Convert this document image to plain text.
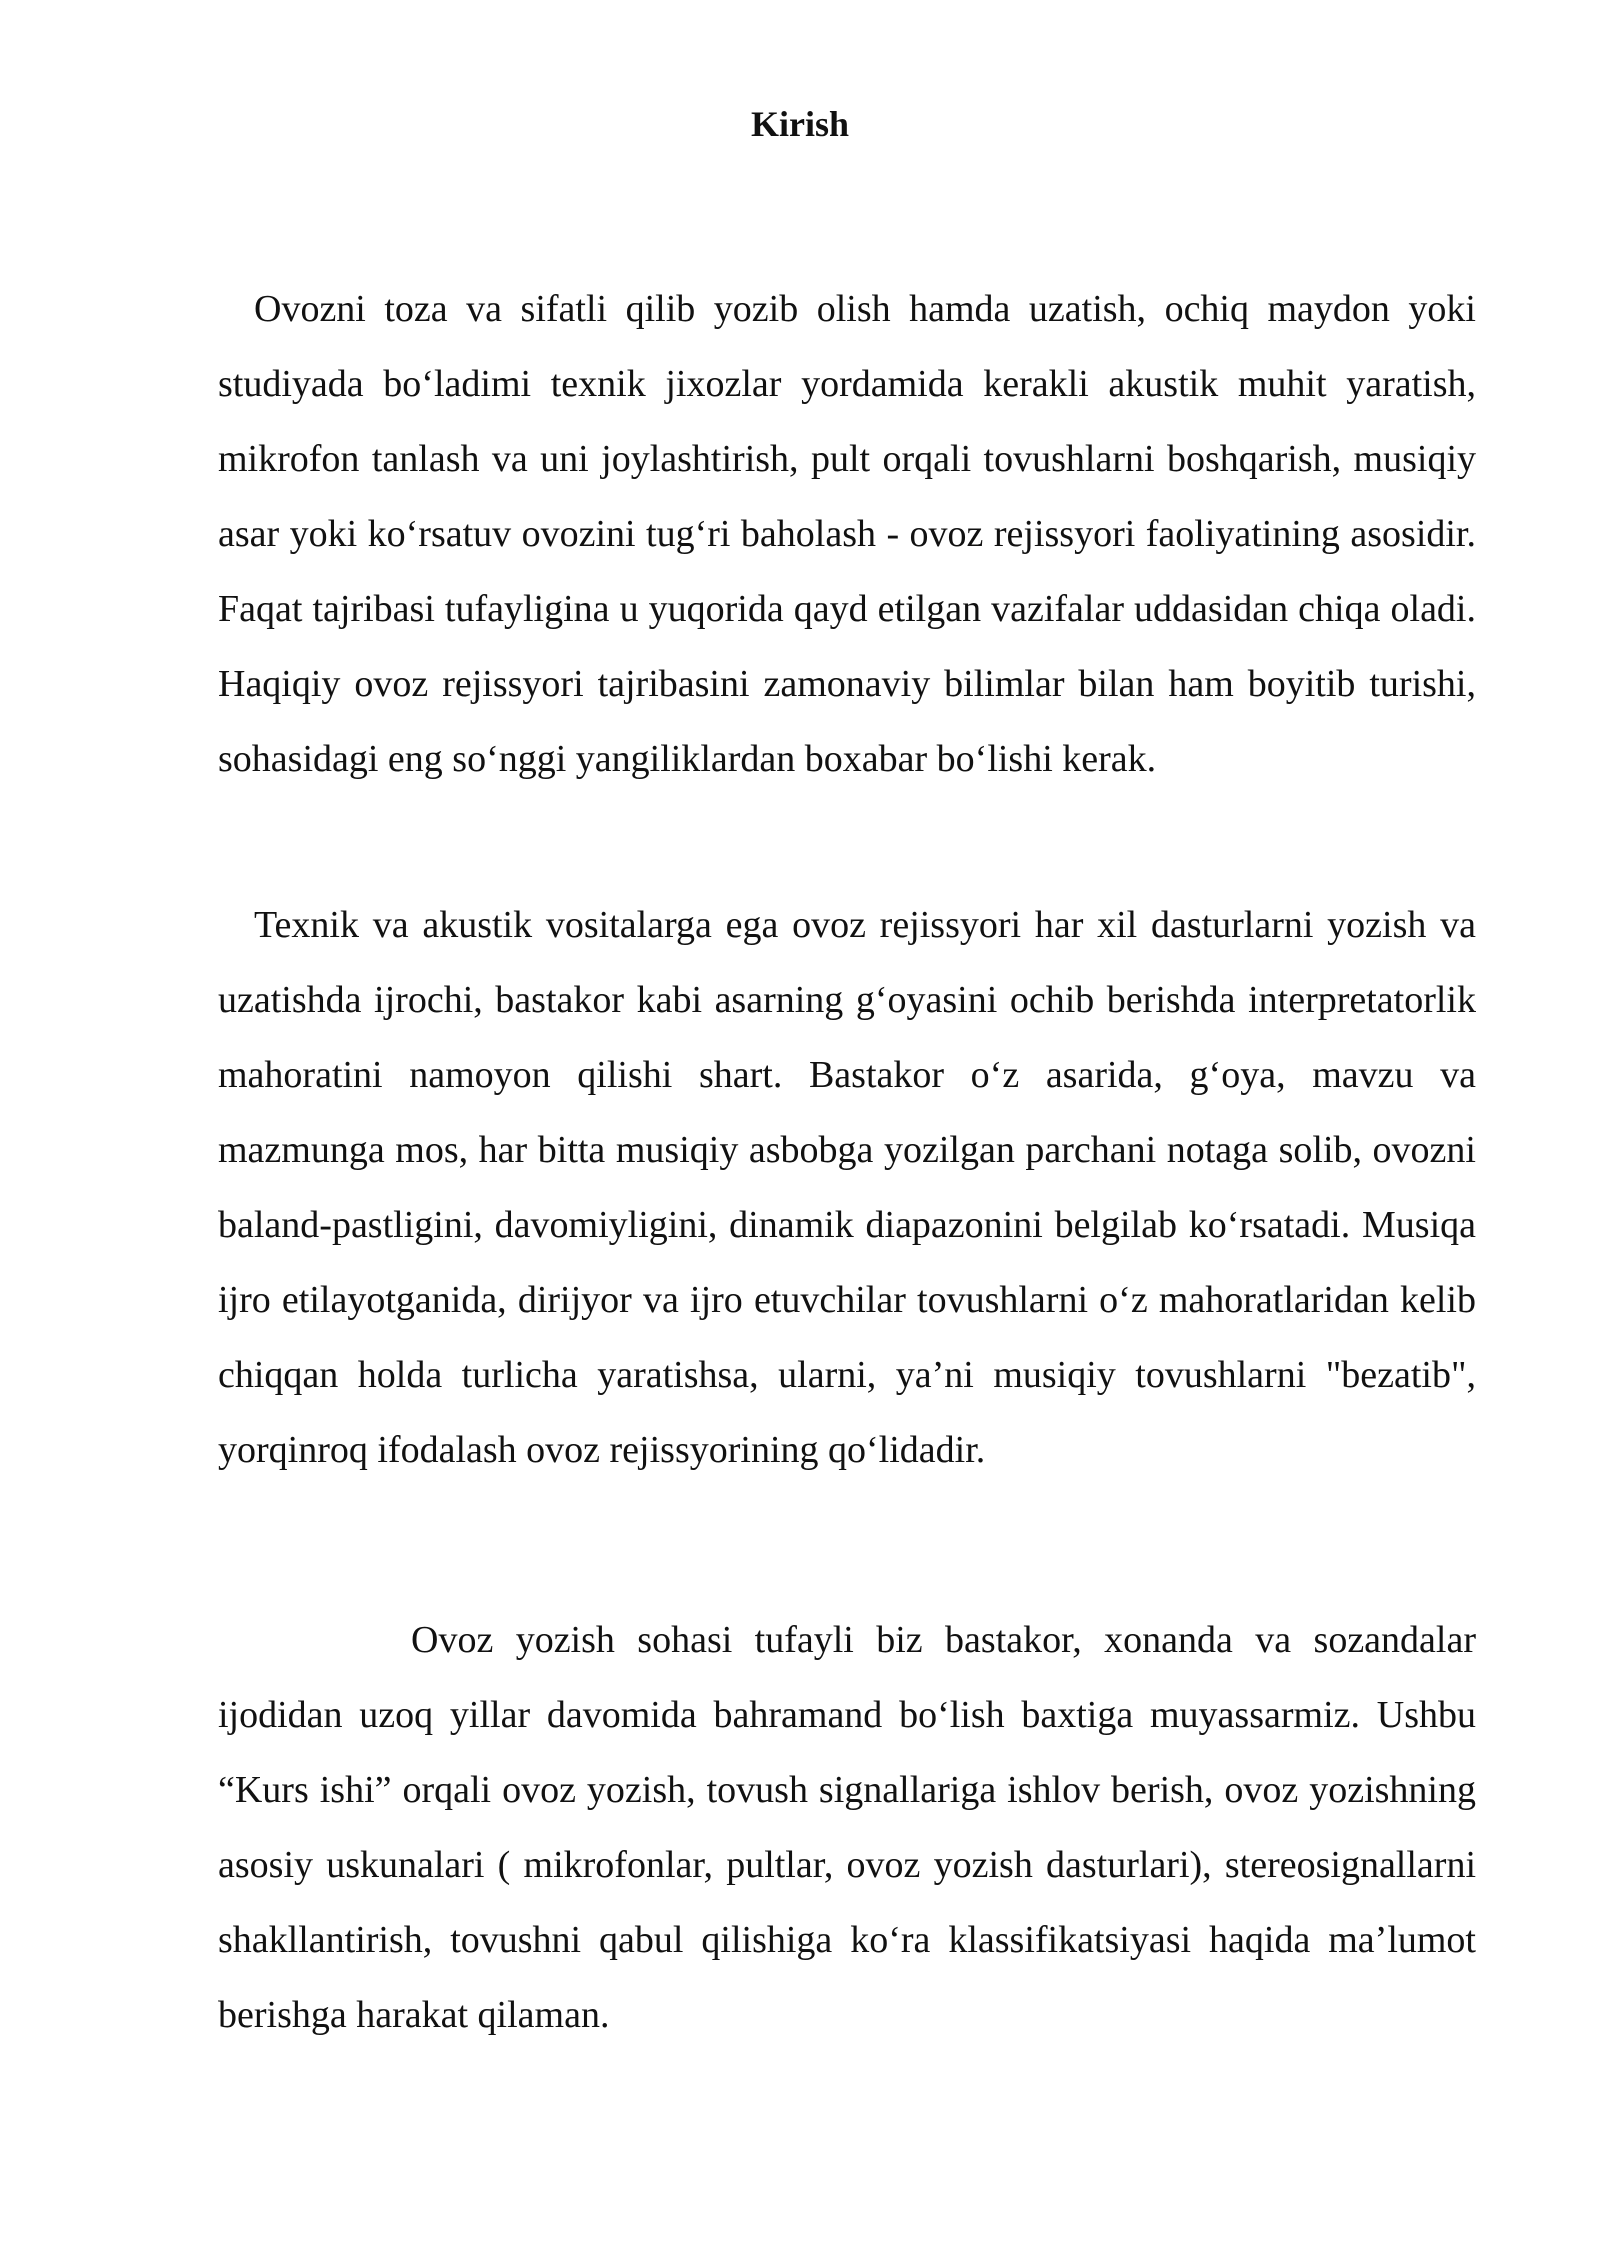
Kirish

Ovozni toza va sifatli qilib yozib olish hamda uzatish, ochiq maydon yoki studiyada bo‘ladimi texnik jixozlar yordamida kerakli akustik muhit yaratish, mikrofon tanlash va uni joylashtirish, pult orqali tovushlarni boshqarish, musiqiy asar yoki ko‘rsatuv ovozini tug‘ri baholash - ovoz rejissyori faoliyatining asosidir. Faqat tajribasi tufayligina u yuqorida qayd etilgan vazifalar uddasidan chiqa oladi. Haqiqiy ovoz rejissyori tajribasini zamonaviy bilimlar bilan ham boyitib turishi, sohasidagi eng so‘nggi yangiliklardan boxabar bo‘lishi kerak.

Texnik va akustik vositalarga ega ovoz rejissyori har xil dasturlarni yozish va uzatishda ijrochi, bastakor kabi asarning g‘oyasini ochib berishda interpretatorlik mahoratini namoyon qilishi shart. Bastakor o‘z asarida, g‘oya, mavzu va mazmunga mos, har bitta musiqiy asbobga yozilgan parchani notaga solib, ovozni baland-pastligini, davomiyligini, dinamik diapazonini belgilab ko‘rsatadi. Musiqa ijro etilayotganida, dirijyor va ijro etuvchilar tovushlarni o‘z mahoratlaridan kelib chiqqan holda turlicha yaratishsa, ularni, ya’ni musiqiy tovushlarni "bezatib", yorqinroq ifodalash ovoz rejissyorining qo‘lidadir.

Ovoz yozish sohasi tufayli biz bastakor, xonanda va sozandalar ijodidan uzoq yillar davomida bahramand bo‘lish baxtiga muyassarmiz. Ushbu “Kurs ishi” orqali ovoz yozish, tovush signallariga ishlov berish, ovoz yozishning asosiy uskunalari ( mikrofonlar, pultlar, ovoz yozish dasturlari), stereosignallarni shakllantirish, tovushni qabul qilishiga ko‘ra klassifikatsiyasi haqida ma’lumot berishga harakat qilaman.
